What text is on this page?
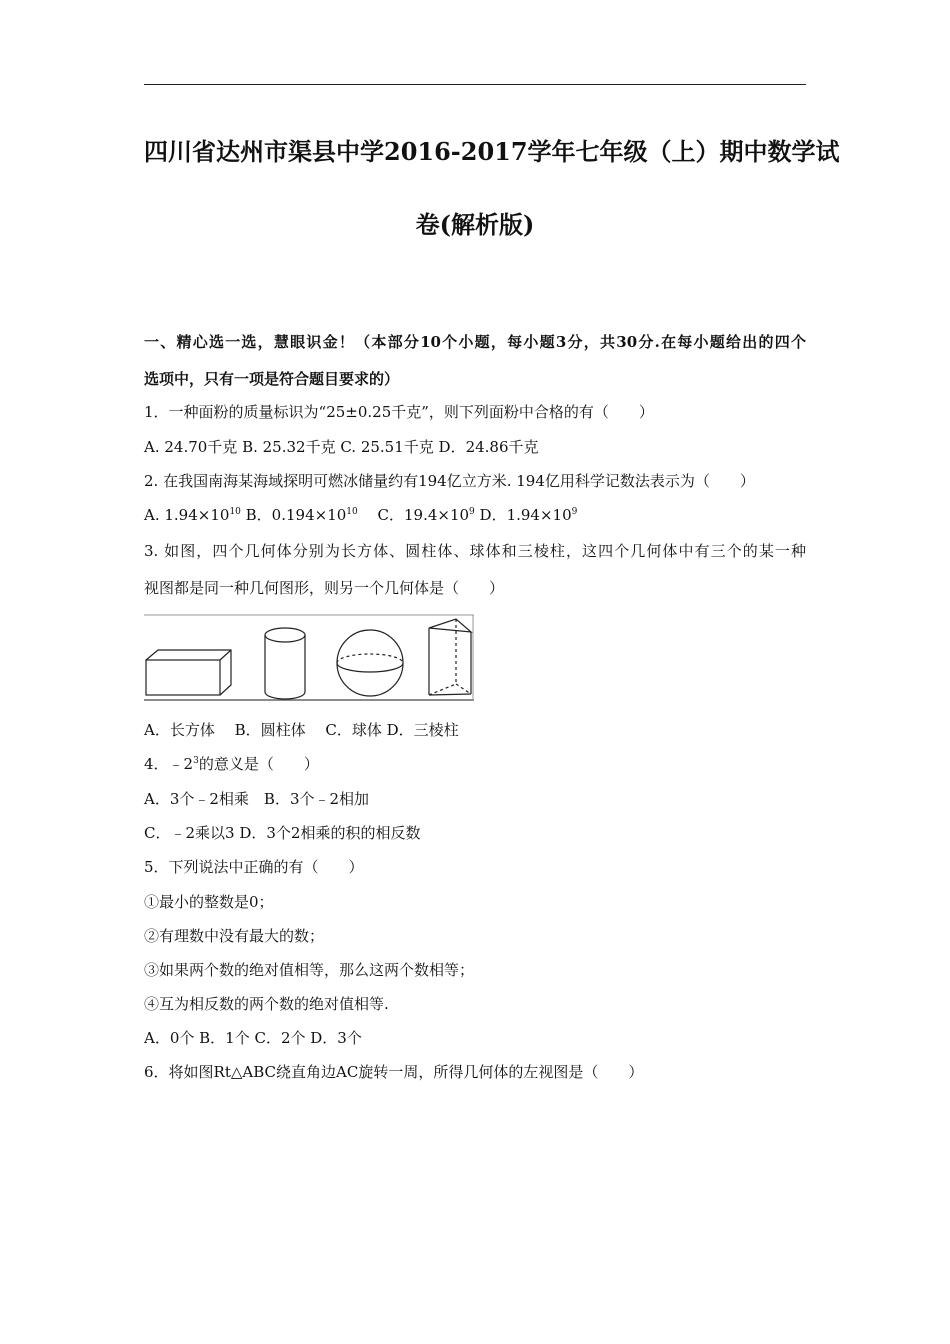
四川省达州市渠县中学2016-2017学年七年级（上）期中数学试
卷(解析版)
一、精心选一选，慧眼识金！（本部分10个小题，每小题3分，共30分.在每小题给出的四个
选项中，只有一项是符合题目要求的）
1．一种面粉的质量标识为“25±0.25千克”，则下列面粉中合格的有（　　）
A. 24.70千克 B. 25.32千克 C. 25.51千克 D．24.86千克
2. 在我国南海某海域探明可燃冰储量约有194亿立方米. 194亿用科学记数法表示为（　　）
A. $1.94\times 10^{10}$ B．$0.194\times 10^{10}$　 C．$19.4\times 10^9$ D．$1.94\times 10^9$
3. 如图，四个几何体分别为长方体、圆柱体、球体和三棱柱，这四个几何体中有三个的某一种
视图都是同一种几何图形，则另一个几何体是（　　）
A．长方体　 B．圆柱体　 C．球体 D．三棱柱
4．$﹣2^3$的意义是（　　）
A．3个﹣2相乘　B．3个﹣2相加
C．﹣2乘以3 D．3个2相乘的积的相反数
5．下列说法中正确的有（　　）
①最小的整数是0；
②有理数中没有最大的数；
③如果两个数的绝对值相等，那么这两个数相等；
④互为相反数的两个数的绝对值相等.
A．0个 B．1个 C．2个 D．3个
6．将如图Rt△ABC绕直角边AC旋转一周，所得几何体的左视图是（　　）
